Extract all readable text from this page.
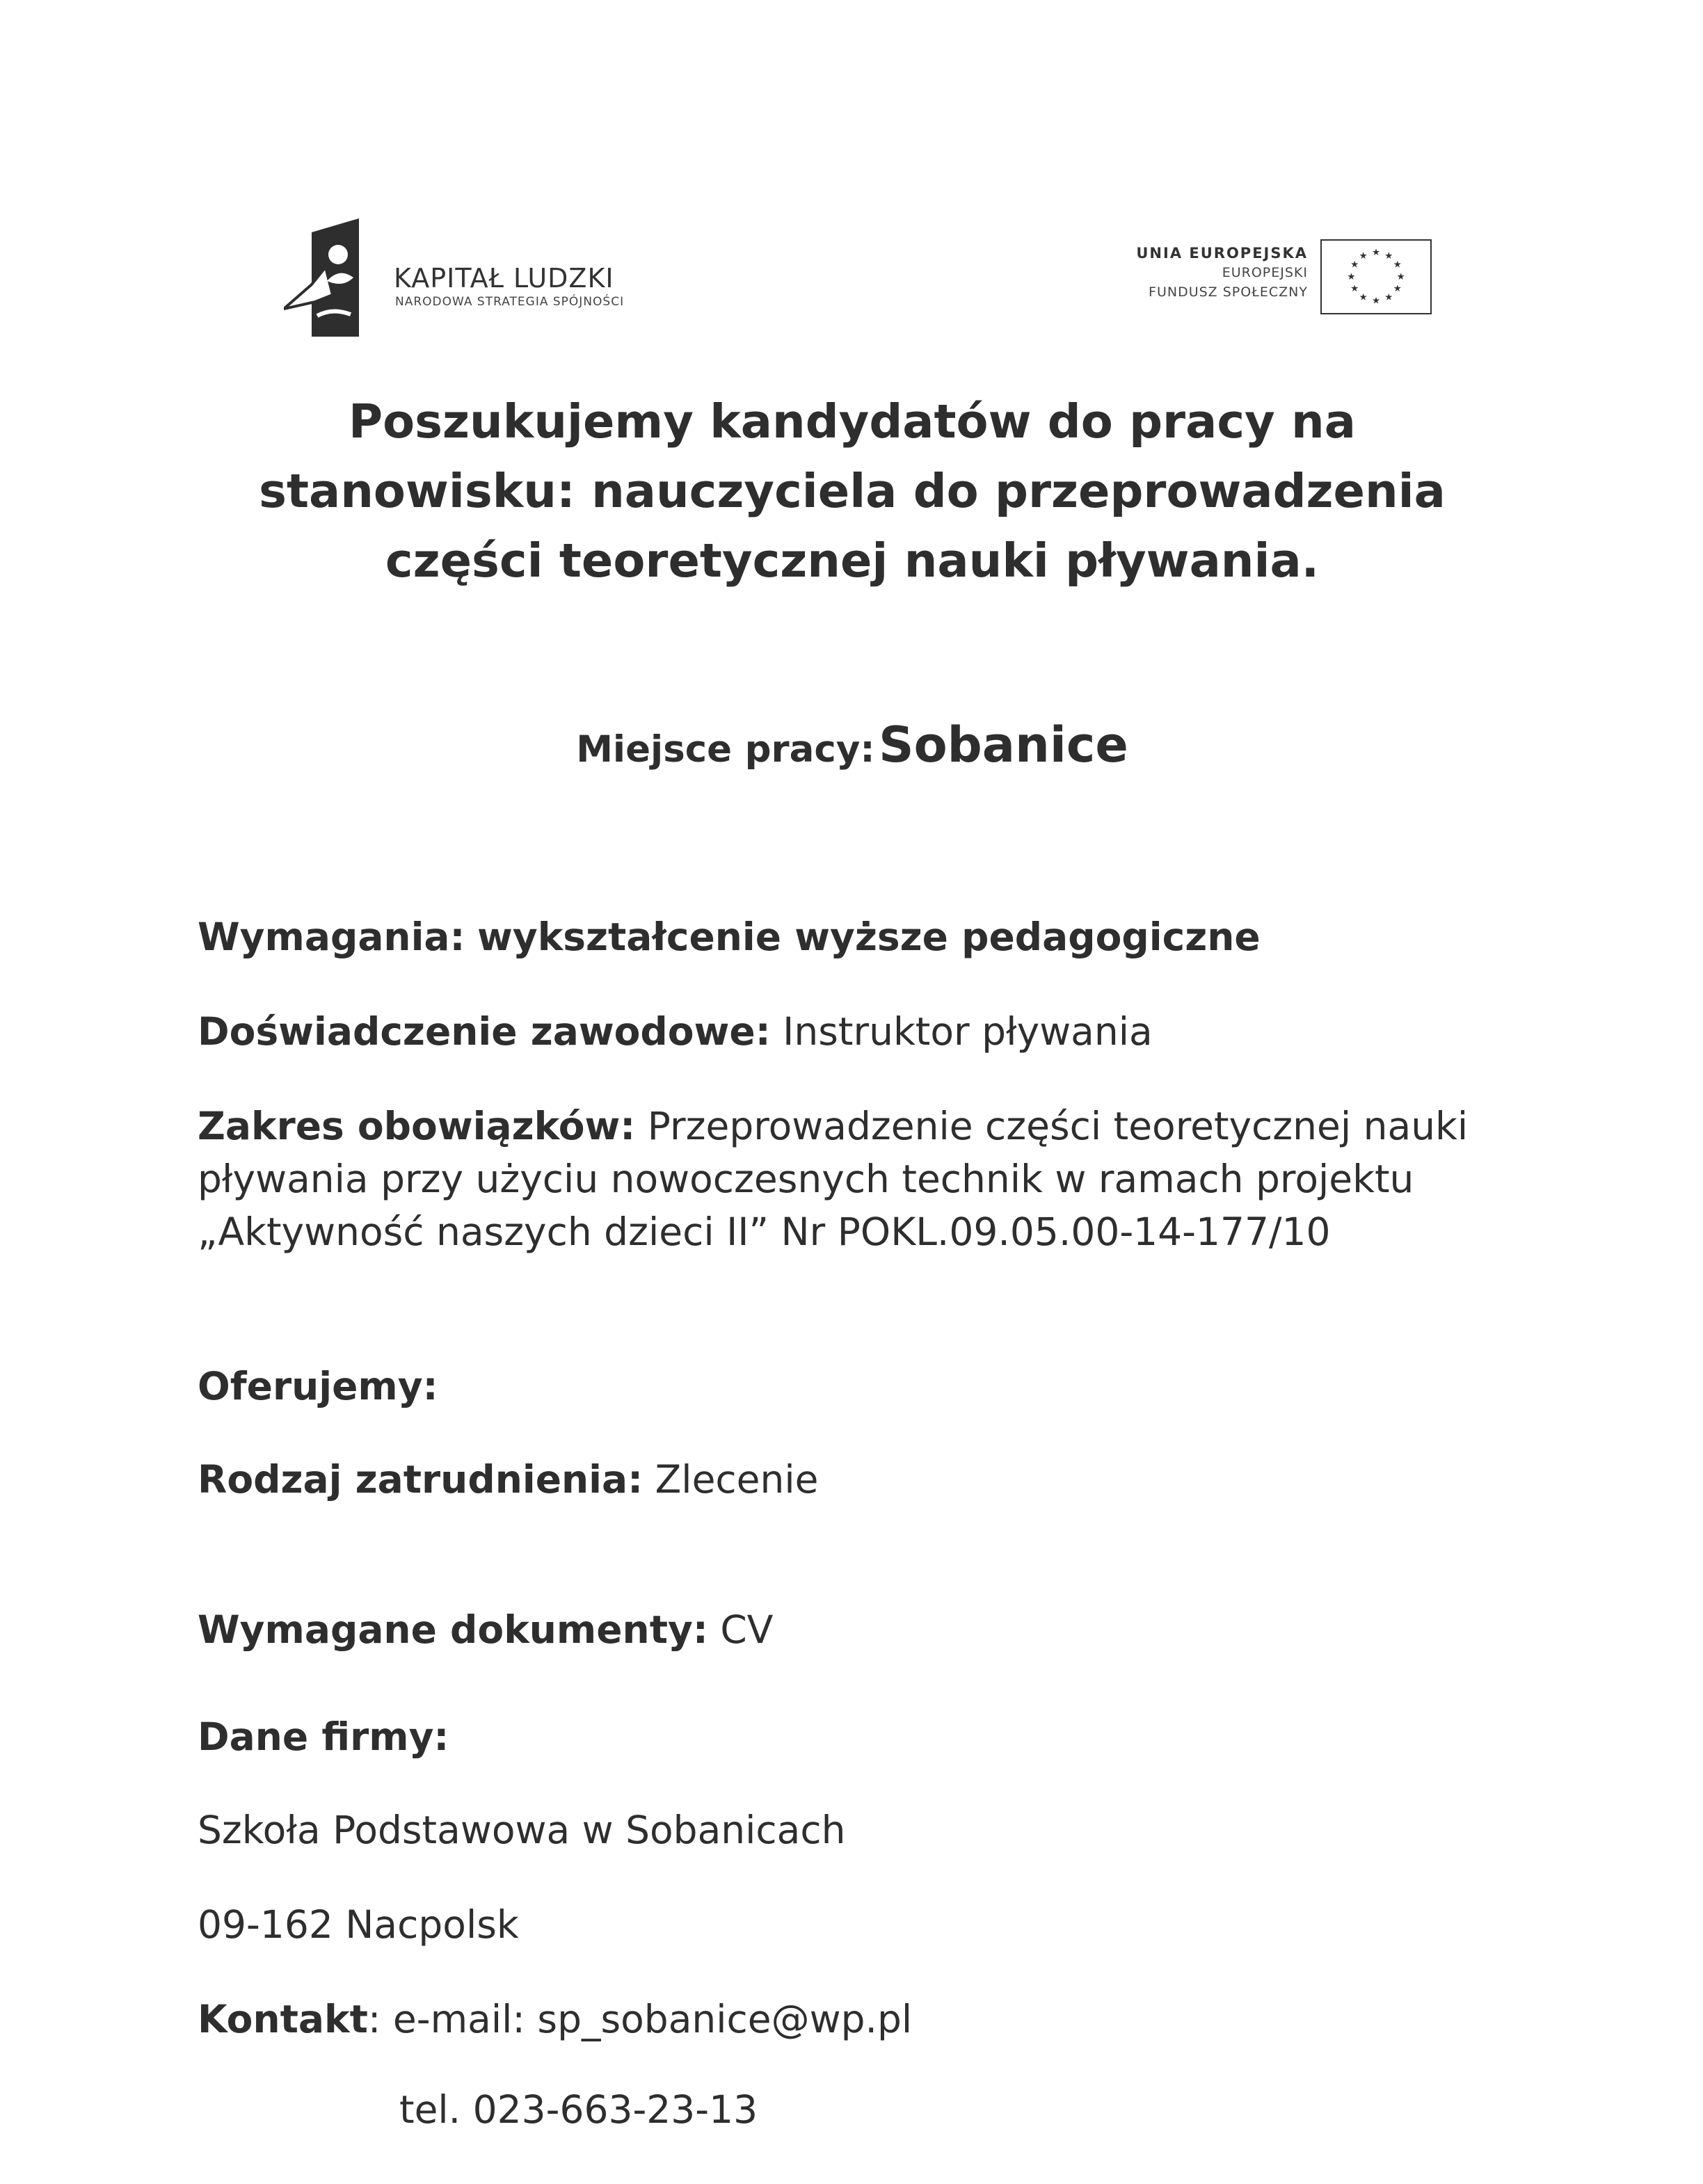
KAPITAŁ LUDZKI
NARODOWA STRATEGIA SPÓJNOŚCI
UNIA EUROPEJSKA
EUROPEJSKI
FUNDUSZ SPOŁECZNY
★ ★
★
★
★
★
★
★
★
★
★
★
Poszukujemy kandydatów do pracy na
stanowisku: nauczyciela do przeprowadzenia
części teoretycznej nauki pływania.
Miejsce pracy: Sobanice
Wymagania: wykształcenie wyższe pedagogiczne
Doświadczenie zawodowe: Instruktor pływania
Zakres obowiązków: Przeprowadzenie części teoretycznej nauki
pływania przy użyciu nowoczesnych technik w ramach projektu
„Aktywność naszych dzieci II” Nr POKL.09.05.00-14-177/10
Oferujemy:
Rodzaj zatrudnienia: Zlecenie
Wymagane dokumenty: CV
Dane firmy:
Szkoła Podstawowa w Sobanicach
09-162 Nacpolsk
Kontakt: e-mail: sp_sobanice@wp.pl
tel. 023-663-23-13
